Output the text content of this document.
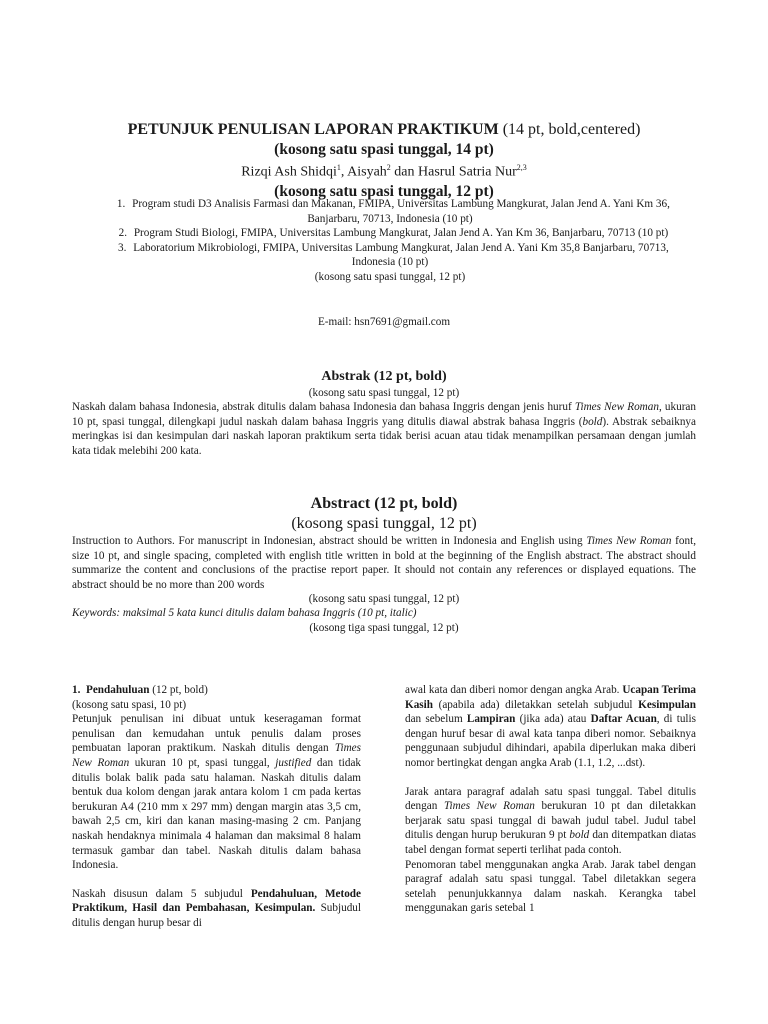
PETUNJUK PENULISAN LAPORAN PRAKTIKUM (14 pt, bold,centered)
(kosong satu spasi tunggal, 14 pt)
Rizqi Ash Shidqi$^1$, Aisyah$^2$ dan Hasrul Satria Nur$^{2,3}$
(kosong satu spasi tunggal, 12 pt)
1. Program studi D3 Analisis Farmasi dan Makanan, FMIPA, Universitas Lambung Mangkurat, Jalan Jend A. Yani Km 36, Banjarbaru, 70713, Indonesia (10 pt)
2. Program Studi Biologi, FMIPA, Universitas Lambung Mangkurat, Jalan Jend A. Yan Km 36, Banjarbaru, 70713 (10 pt)
3. Laboratorium Mikrobiologi, FMIPA, Universitas Lambung Mangkurat, Jalan Jend A. Yani Km 35,8 Banjarbaru, 70713, Indonesia (10 pt)
(kosong satu spasi tunggal, 12 pt)
E-mail: hsn7691@gmail.com
Abstrak (12 pt, bold)
(kosong satu spasi tunggal, 12 pt)

Naskah dalam bahasa Indonesia, abstrak ditulis dalam bahasa Indonesia dan bahasa Inggris dengan jenis huruf Times New Roman, ukuran 10 pt, spasi tunggal, dilengkapi judul naskah dalam bahasa Inggris yang ditulis diawal abstrak bahasa Inggris (bold). Abstrak sebaiknya meringkas isi dan kesimpulan dari naskah laporan praktikum serta tidak berisi acuan atau tidak menampilkan persamaan dengan jumlah kata tidak melebihi 200 kata.

Abstract (12 pt, bold)
(kosong spasi tunggal, 12 pt)

Instruction to Authors. For manuscript in Indonesian, abstract should be written in Indonesia and English using Times New Roman font, size 10 pt, and single spacing, completed with english title written in bold at the beginning of the English abstract. The abstract should summarize the content and conclusions of the practise report paper. It should not contain any references or displayed equations. The abstract should be no more than 200 words

(kosong satu spasi tunggal, 12 pt)
Keywords: maksimal 5 kata kunci ditulis dalam bahasa Inggris (10 pt, italic)
(kosong tiga spasi tunggal, 12 pt)
1. Pendahuluan (12 pt, bold)
(kosong satu spasi, 10 pt)

Petunjuk penulisan ini dibuat untuk keseragaman format penulisan dan kemudahan untuk penulis dalam proses pembuatan laporan praktikum. Naskah ditulis dengan Times New Roman ukuran 10 pt, spasi tunggal, justified dan tidak ditulis bolak balik pada satu halaman. Naskah ditulis dalam bentuk dua kolom dengan jarak antara kolom 1 cm pada kertas berukuran A4 (210 mm x 297 mm) dengan margin atas 3,5 cm, bawah 2,5 cm, kiri dan kanan masing-masing 2 cm. Panjang naskah hendaknya minimala 4 halaman dan maksimal 8 halam termasuk gambar dan tabel. Naskah ditulis dalam bahasa Indonesia.

Naskah disusun dalam 5 subjudul Pendahuluan, Metode Praktikum, Hasil dan Pembahasan, Kesimpulan. Subjudul ditulis dengan hurup besar di

awal kata dan diberi nomor dengan angka Arab. Ucapan Terima Kasih (apabila ada) diletakkan setelah subjudul Kesimpulan dan sebelum Lampiran (jika ada) atau Daftar Acuan, di tulis dengan huruf besar di awal kata tanpa diberi nomor. Sebaiknya penggunaan subjudul dihindari, apabila diperlukan maka diberi nomor bertingkat dengan angka Arab (1.1, 1.2, ...dst).

Jarak antara paragraf adalah satu spasi tunggal. Tabel ditulis dengan Times New Roman berukuran 10 pt dan diletakkan berjarak satu spasi tunggal di bawah judul tabel. Judul tabel ditulis dengan hurup berukuran 9 pt bold dan ditempatkan diatas tabel dengan format seperti terlihat pada contoh.

Penomoran tabel menggunakan angka Arab. Jarak tabel dengan paragraf adalah satu spasi tunggal. Tabel diletakkan segera setelah penunjukkannya dalam naskah. Kerangka tabel menggunakan garis setebal 1
